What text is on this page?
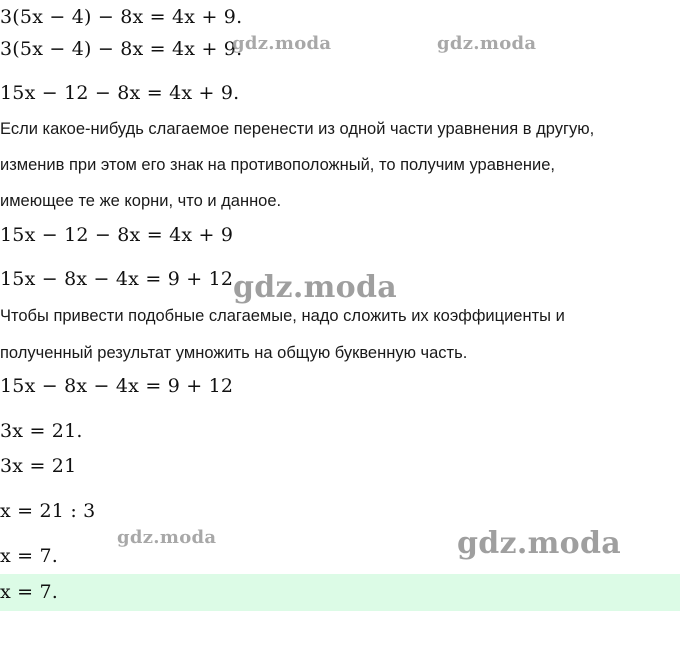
3(5x − 4) − 8x = 4x + 9.
3(5x − 4) − 8x = 4x + 9.
15x − 12 − 8x = 4x + 9.
Если какое-нибудь слагаемое перенести из одной части уравнения в другую,
изменив при этом его знак на противоположный, то получим уравнение,
имеющее те же корни, что и данное.
15x − 12 − 8x = 4x + 9
15x − 8x − 4x = 9 + 12
Чтобы привести подобные слагаемые, надо сложить их коэффициенты и
полученный результат умножить на общую буквенную часть.
15x − 8x − 4x = 9 + 12
3x = 21.
3x = 21
x = 21 : 3
x = 7.
x = 7.
gdz.moda	gdz.moda
gdz.moda
gdz.moda	gdz.moda
